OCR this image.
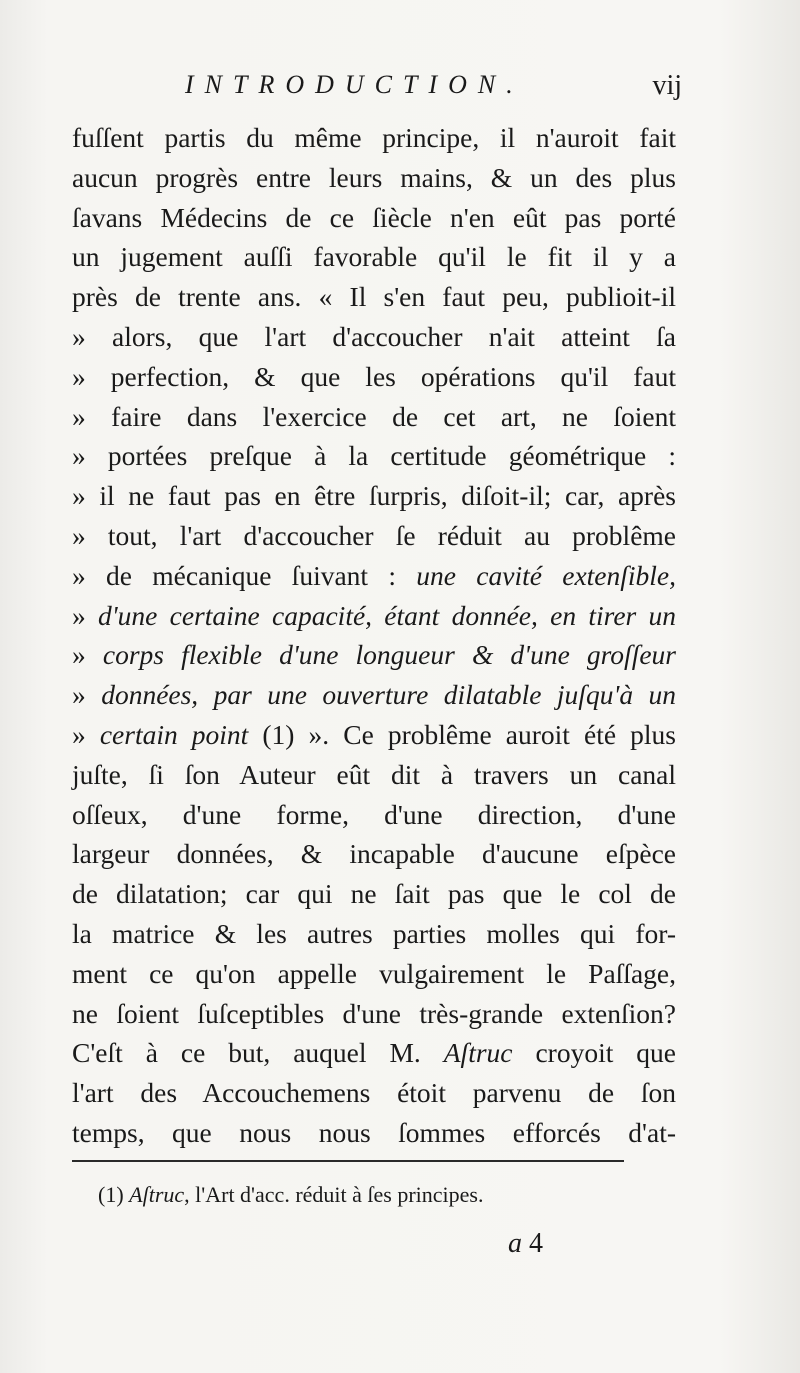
INTRODUCTION.	vij
fuſſent partis du même principe, il n'auroit fait
aucun progrès entre leurs mains, & un des plus
ſavans Médecins de ce ſiècle n'en eût pas porté
un jugement auſſi favorable qu'il le fit il y a
près de trente ans. « Il s'en faut peu, publioit-il
» alors, que l'art d'accoucher n'ait atteint ſa
» perfection, & que les opérations qu'il faut
» faire dans l'exercice de cet art, ne ſoient
» portées preſque à la certitude géométrique :
» il ne faut pas en être ſurpris, diſoit-il; car, après
» tout, l'art d'accoucher ſe réduit au problême
» de mécanique ſuivant : une cavité extenſible,
» d'une certaine capacité, étant donnée, en tirer un
» corps flexible d'une longueur & d'une groſſeur
» données, par une ouverture dilatable juſqu'à un
» certain point (1) ». Ce problême auroit été plus
juſte, ſi ſon Auteur eût dit à travers un canal
oſſeux, d'une forme, d'une direction, d'une
largeur données, & incapable d'aucune eſpèce
de dilatation; car qui ne ſait pas que le col de
la matrice & les autres parties molles qui for-
ment ce qu'on appelle vulgairement le Paſſage,
ne ſoient ſuſceptibles d'une très-grande extenſion?
C'eſt à ce but, auquel M. Aſtruc croyoit que
l'art des Accouchemens étoit parvenu de ſon
temps, que nous nous ſommes efforcés d'at-
(1) Aſtruc, l'Art d'acc. réduit à ſes principes.
a 4
